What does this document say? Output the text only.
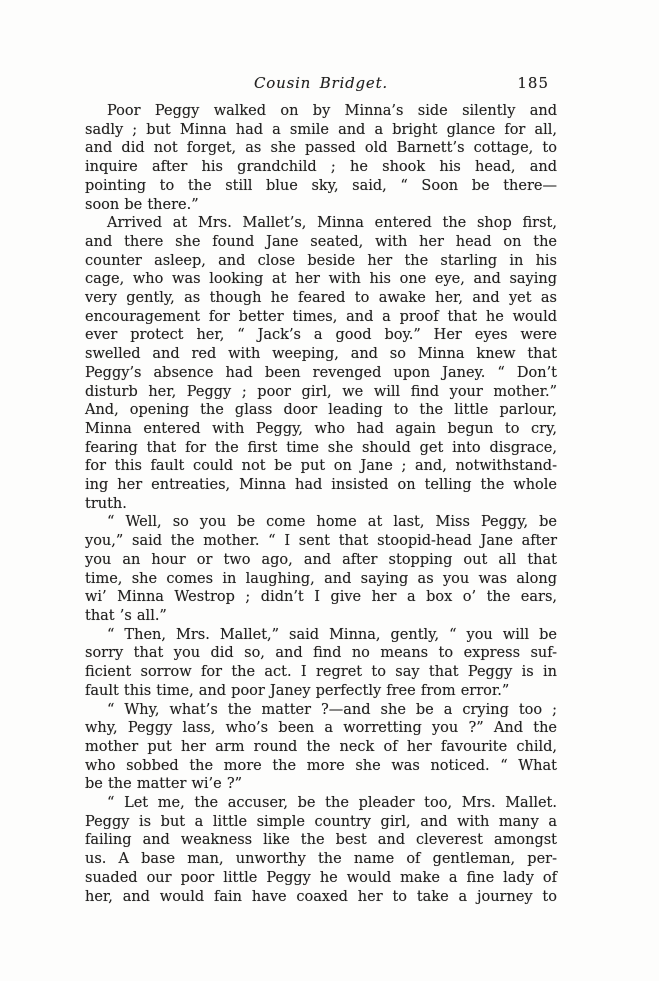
Cousin Bridget.	185

Poor Peggy walked on by Minna’s side silently and
sadly ; but Minna had a smile and a bright glance for all,
and did not forget, as she passed old Barnett’s cottage, to
inquire after his grandchild ; he shook his head, and
pointing to the still blue sky, said, “ Soon be there—
soon be there.”

Arrived at Mrs. Mallet’s, Minna entered the shop first,
and there she found Jane seated, with her head on the
counter asleep, and close beside her the starling in his
cage, who was looking at her with his one eye, and saying
very gently, as though he feared to awake her, and yet as
encouragement for better times, and a proof that he would
ever protect her, “ Jack’s a good boy.” Her eyes were
swelled and red with weeping, and so Minna knew that
Peggy’s absence had been revenged upon Janey. “ Don’t
disturb her, Peggy ; poor girl, we will find your mother.”
And, opening the glass door leading to the little parlour,
Minna entered with Peggy, who had again begun to cry,
fearing that for the first time she should get into disgrace,
for this fault could not be put on Jane ; and, notwithstand-
ing her entreaties, Minna had insisted on telling the whole
truth.

“ Well, so you be come home at last, Miss Peggy, be
you,” said the mother. “ I sent that stoopid-head Jane after
you an hour or two ago, and after stopping out all that
time, she comes in laughing, and saying as you was along
wi’ Minna Westrop ; didn’t I give her a box o’ the ears,
that ’s all.”

“ Then, Mrs. Mallet,” said Minna, gently, “ you will be
sorry that you did so, and find no means to express suf-
ficient sorrow for the act. I regret to say that Peggy is in
fault this time, and poor Janey perfectly free from error.”

“ Why, what’s the matter ?—and she be a crying too ;
why, Peggy lass, who’s been a worretting you ?” And the
mother put her arm round the neck of her favourite child,
who sobbed the more the more she was noticed. “ What
be the matter wi’e ?”

“ Let me, the accuser, be the pleader too, Mrs. Mallet.
Peggy is but a little simple country girl, and with many a
failing and weakness like the best and cleverest amongst
us. A base man, unworthy the name of gentleman, per-
suaded our poor little Peggy he would make a fine lady of
her, and would fain have coaxed her to take a journey to
